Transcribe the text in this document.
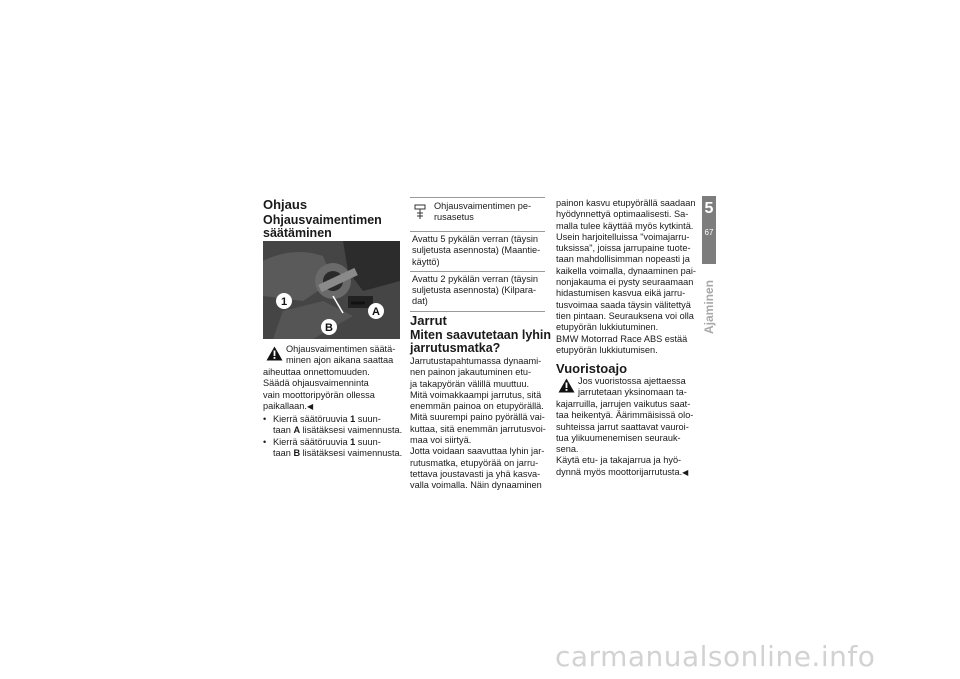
Ohjaus
Ohjausvaimentimen
säätäminen
1
A
B
Ohjausvaimentimen säätä-
minen ajon aikana saattaa
aiheuttaa onnettomuuden.
Säädä ohjausvaimenninta
vain moottoripyörän ollessa
paikallaan.◀
• Kierrä säätöruuvia 1 suun-
taan A lisätäksesi vaimennusta.
• Kierrä säätöruuvia 1 suun-
taan B lisätäksesi vaimennusta.
Ohjausvaimentimen pe-
rusasetus
Avattu 5 pykälän verran (täysin
suljetusta asennosta) (Maantie-
käyttö)
Avattu 2 pykälän verran (täysin
suljetusta asennosta) (Kilpara-
dat)
Jarrut
Miten saavutetaan lyhin
jarrutusmatka?
Jarrutustapahtumassa dynaami-
nen painon jakautuminen etu-
ja takapyörän välillä muuttuu.
Mitä voimakkaampi jarrutus, sitä
enemmän painoa on etupyörällä.
Mitä suurempi paino pyörällä vai-
kuttaa, sitä enemmän jarrutusvoi-
maa voi siirtyä.
Jotta voidaan saavuttaa lyhin jar-
rutusmatka, etupyörää on jarru-
tettava joustavasti ja yhä kasva-
valla voimalla. Näin dynaaminen
painon kasvu etupyörällä saadaan
hyödynnettyä optimaalisesti. Sa-
malla tulee käyttää myös kytkintä.
Usein harjoitelluissa "voimajarru-
tuksissa", joissa jarrupaine tuote-
taan mahdollisimman nopeasti ja
kaikella voimalla, dynaaminen pai-
nonjakauma ei pysty seuraamaan
hidastumisen kasvua eikä jarru-
tusvoimaa saada täysin välitettyä
tien pintaan. Seurauksena voi olla
etupyörän lukkiutuminen.
BMW Motorrad Race ABS estää
etupyörän lukkiutumisen.
Vuoristoajo
Jos vuoristossa ajettaessa
jarrutetaan yksinomaan ta-
kajarruilla, jarrujen vaikutus saat-
taa heikentyä. Äärimmäisissä olo-
suhteissa jarrut saattavat vauroi-
tua ylikuumenemisen seurauk-
sena.
Käytä etu- ja takajarrua ja hyö-
dynnä myös moottorijarrutusta.◀
5
67
Ajaminen
carmanualsonline.info
